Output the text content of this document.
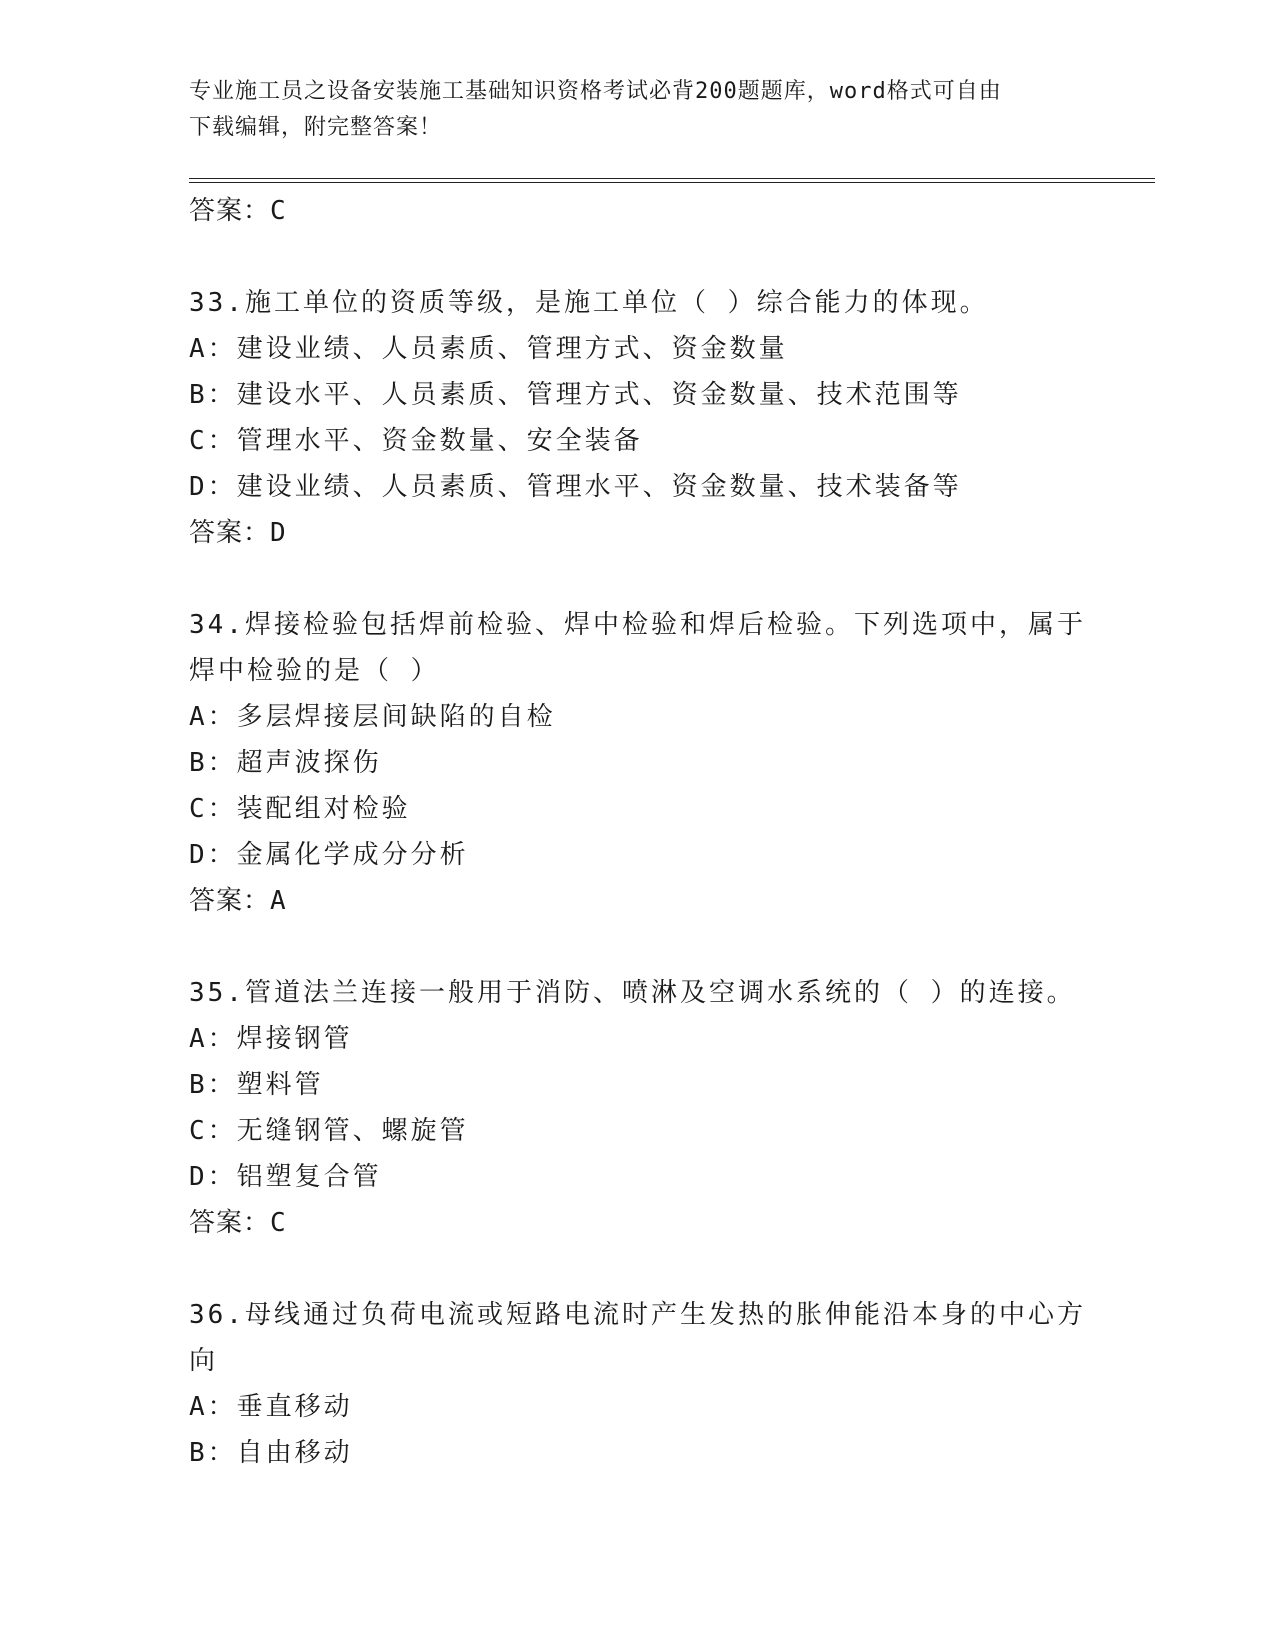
专业施工员之设备安装施工基础知识资格考试必背200题题库，word格式可自由
下载编辑，附完整答案！
答案：C
33.施工单位的资质等级，是施工单位（ ）综合能力的体现。
A：建设业绩、人员素质、管理方式、资金数量
B：建设水平、人员素质、管理方式、资金数量、技术范围等
C：管理水平、资金数量、安全装备
D：建设业绩、人员素质、管理水平、资金数量、技术装备等
答案：D
34.焊接检验包括焊前检验、焊中检验和焊后检验。下列选项中，属于
焊中检验的是（ ）
A：多层焊接层间缺陷的自检
B：超声波探伤
C：装配组对检验
D：金属化学成分分析
答案：A
35.管道法兰连接一般用于消防、喷淋及空调水系统的（ ）的连接。
A：焊接钢管
B：塑料管
C：无缝钢管、螺旋管
D：铝塑复合管
答案：C
36.母线通过负荷电流或短路电流时产生发热的胀伸能沿本身的中心方
向
A：垂直移动
B：自由移动
